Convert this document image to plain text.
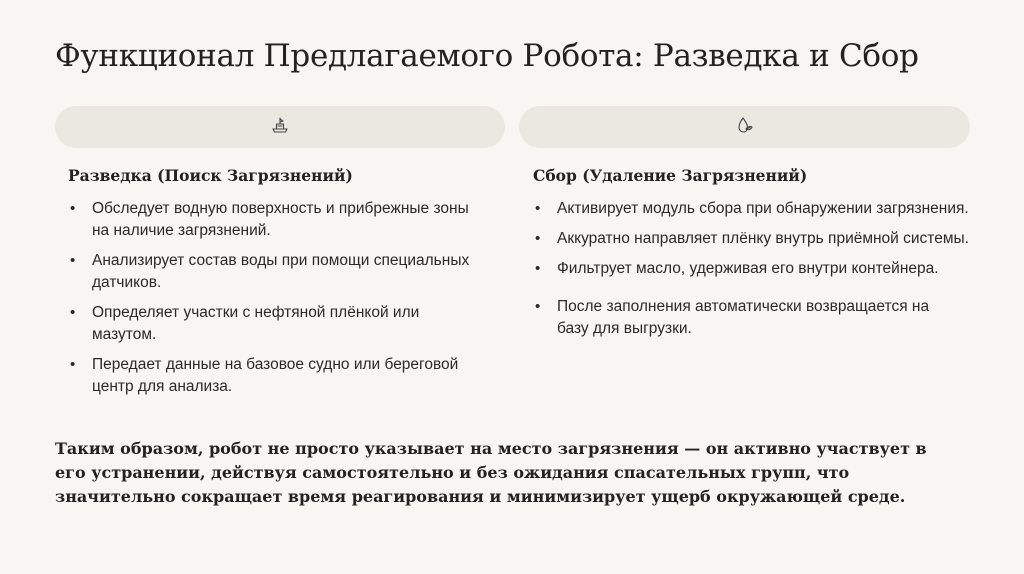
Функционал Предлагаемого Робота: Разведка и Сбор
Разведка (Поиск Загрязнений)	Сбор (Удаление Загрязнений)
• Обследует водную поверхность и прибрежные зоны на наличие загрязнений.
• Анализирует состав воды при помощи специальных датчиков.
• Определяет участки с нефтяной плёнкой или мазутом.
• Передает данные на базовое судно или береговой центр для анализа.
• Активирует модуль сбора при обнаружении загрязнения.
• Аккуратно направляет плёнку внутрь приёмной системы.
• Фильтрует масло, удерживая его внутри контейнера.
• После заполнения автоматически возвращается на базу для выгрузки.
Таким образом, робот не просто указывает на место загрязнения — он активно участвует в его устранении, действуя самостоятельно и без ожидания спасательных групп, что значительно сокращает время реагирования и минимизирует ущерб окружающей среде.
